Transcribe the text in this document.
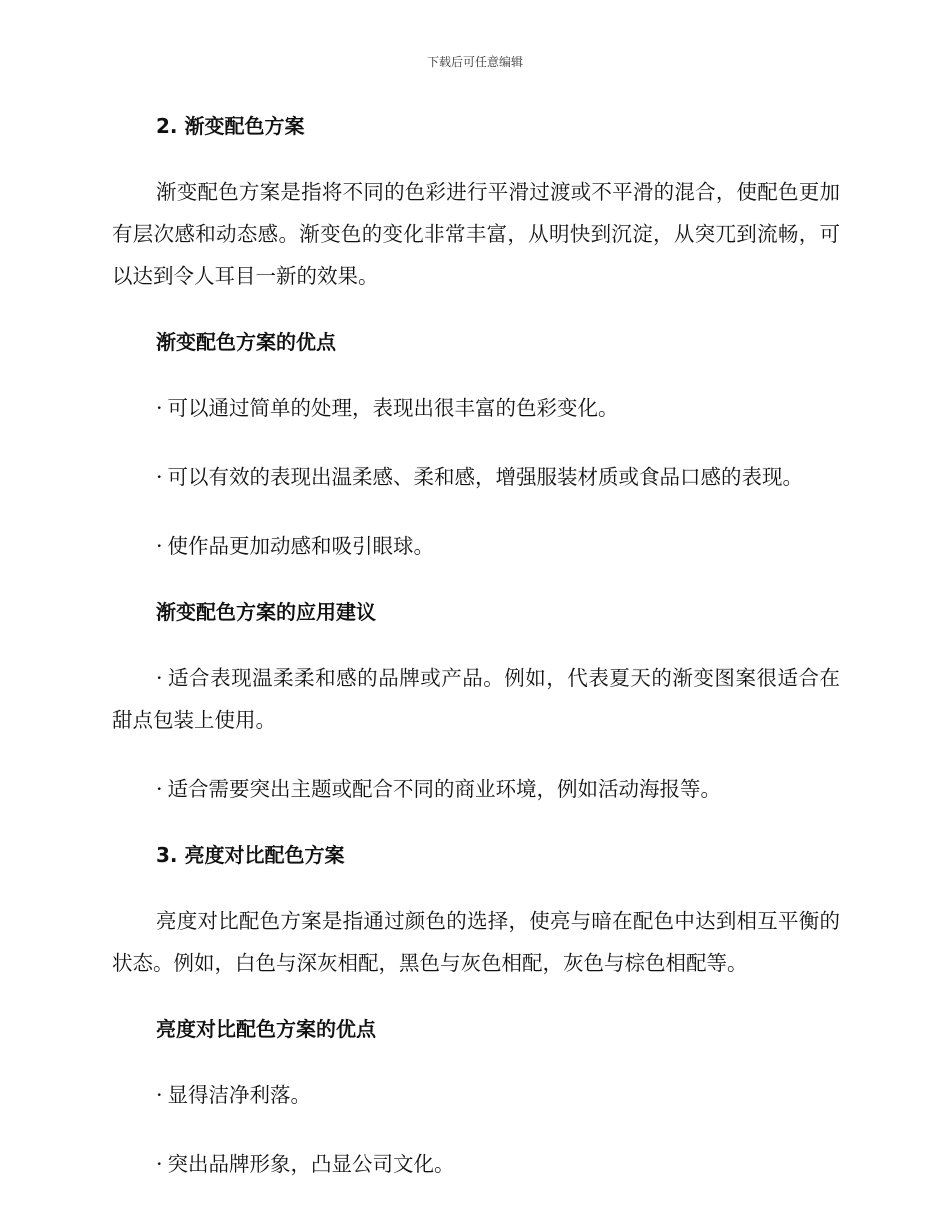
下载后可任意编辑
2. 渐变配色方案

渐变配色方案是指将不同的色彩进行平滑过渡或不平滑的混合，使配色更加有层次感和动态感。渐变色的变化非常丰富，从明快到沉淀，从突兀到流畅，可以达到令人耳目一新的效果。

渐变配色方案的优点

· 可以通过简单的处理，表现出很丰富的色彩变化。

· 可以有效的表现出温柔感、柔和感，增强服装材质或食品口感的表现。

· 使作品更加动感和吸引眼球。

渐变配色方案的应用建议

· 适合表现温柔柔和感的品牌或产品。例如，代表夏天的渐变图案很适合在甜点包装上使用。

· 适合需要突出主题或配合不同的商业环境，例如活动海报等。

3. 亮度对比配色方案

亮度对比配色方案是指通过颜色的选择，使亮与暗在配色中达到相互平衡的状态。例如，白色与深灰相配，黑色与灰色相配，灰色与棕色相配等。

亮度对比配色方案的优点

· 显得洁净利落。

· 突出品牌形象，凸显公司文化。
